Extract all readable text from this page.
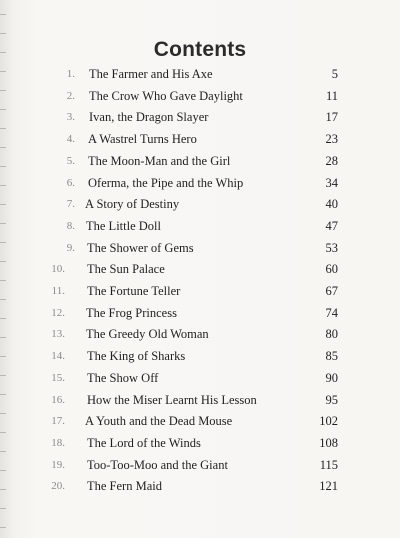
Contents
1. The Farmer and His Axe	5
2. The Crow Who Gave Daylight	11
3. Ivan, the Dragon Slayer	17
4. A Wastrel Turns Hero	23
5. The Moon-Man and the Girl	28
6. Oferma, the Pipe and the Whip	34
7. A Story of Destiny	40
8. The Little Doll	47
9. The Shower of Gems	53
10. The Sun Palace	60
11. The Fortune Teller	67
12. The Frog Princess	74
13. The Greedy Old Woman	80
14. The King of Sharks	85
15. The Show Off	90
16. How the Miser Learnt His Lesson	95
17. A Youth and the Dead Mouse	102
18. The Lord of the Winds	108
19. Too-Too-Moo and the Giant	115
20. The Fern Maid	121
